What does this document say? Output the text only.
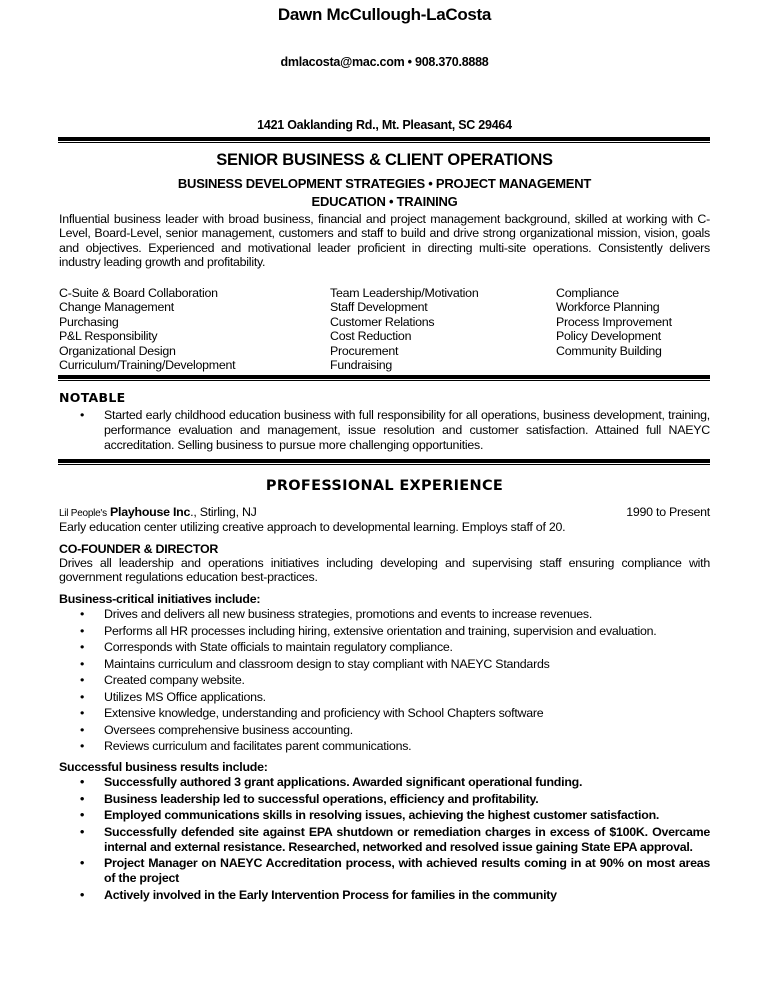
Dawn McCullough-LaCosta
dmlacosta@mac.com • 908.370.8888
1421 Oaklanding Rd., Mt. Pleasant, SC 29464
SENIOR BUSINESS & CLIENT OPERATIONS
BUSINESS DEVELOPMENT STRATEGIES • PROJECT MANAGEMENT
EDUCATION • TRAINING
Influential business leader with broad business, financial and project management background, skilled at working with C-Level, Board-Level, senior management, customers and staff to build and drive strong organizational mission, vision, goals and objectives. Experienced and motivational leader proficient in directing multi-site operations. Consistently delivers industry leading growth and profitability.
C-Suite & Board Collaboration
Change Management
Purchasing
P&L Responsibility
Organizational Design
Curriculum/Training/Development
Team Leadership/Motivation
Staff Development
Customer Relations
Cost Reduction
Procurement
Fundraising
Compliance
Workforce Planning
Process Improvement
Policy Development
Community Building
NOTABLE
• Started early childhood education business with full responsibility for all operations, business development, training, performance evaluation and management, issue resolution and customer satisfaction. Attained full NAEYC accreditation. Selling business to pursue more challenging opportunities.
PROFESSIONAL EXPERIENCE
Lil People's Playhouse Inc., Stirling, NJ	1990 to Present
Early education center utilizing creative approach to developmental learning. Employs staff of 20.
CO-FOUNDER & DIRECTOR
Drives all leadership and operations initiatives including developing and supervising staff ensuring compliance with government regulations education best-practices.
Business-critical initiatives include:
• Drives and delivers all new business strategies, promotions and events to increase revenues.
• Performs all HR processes including hiring, extensive orientation and training, supervision and evaluation.
• Corresponds with State officials to maintain regulatory compliance.
• Maintains curriculum and classroom design to stay compliant with NAEYC Standards
• Created company website.
• Utilizes MS Office applications.
• Extensive knowledge, understanding and proficiency with School Chapters software
• Oversees comprehensive business accounting.
• Reviews curriculum and facilitates parent communications.
Successful business results include:
• Successfully authored 3 grant applications. Awarded significant operational funding.
• Business leadership led to successful operations, efficiency and profitability.
• Employed communications skills in resolving issues, achieving the highest customer satisfaction.
• Successfully defended site against EPA shutdown or remediation charges in excess of $100K. Overcame internal and external resistance. Researched, networked and resolved issue gaining State EPA approval.
• Project Manager on NAEYC Accreditation process, with achieved results coming in at 90% on most areas of the project
• Actively involved in the Early Intervention Process for families in the community
